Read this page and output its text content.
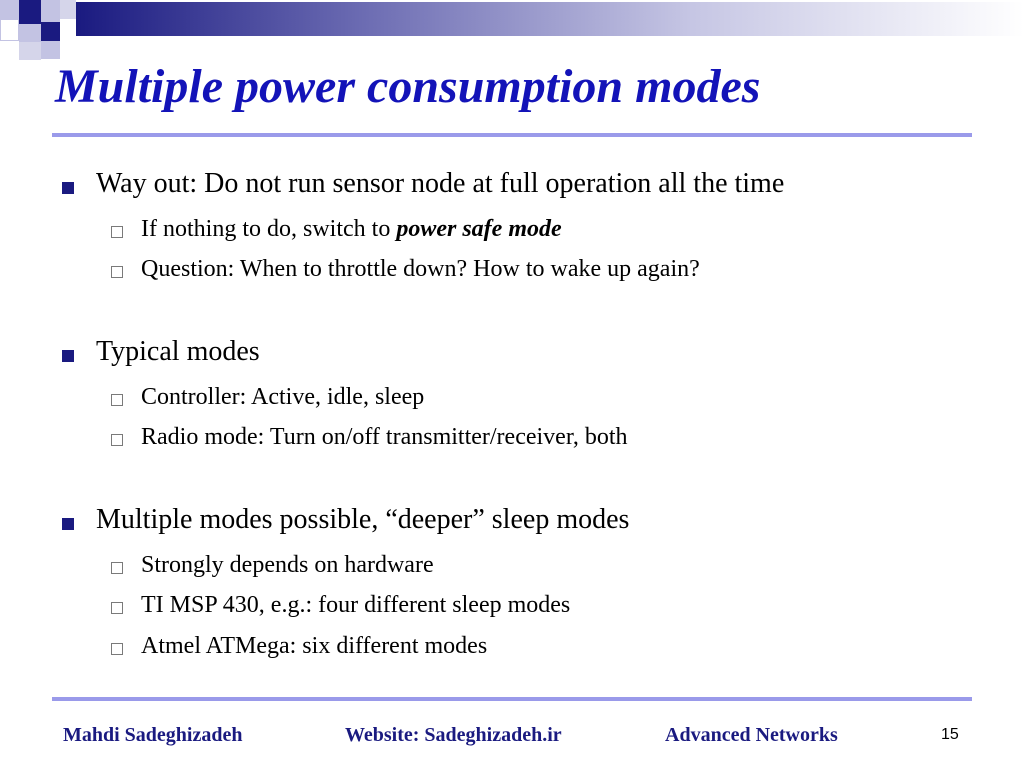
Multiple power consumption modes
Way out: Do not run sensor node at full operation all the time
If nothing to do, switch to power safe mode
Question: When to throttle down? How to wake up again?
Typical modes
Controller: Active, idle, sleep
Radio mode: Turn on/off transmitter/receiver, both
Multiple modes possible, “deeper” sleep modes
Strongly depends on hardware
TI MSP 430, e.g.: four different sleep modes
Atmel ATMega: six different modes
Mahdi Sadeghizadeh	Website: Sadeghizadeh.ir	Advanced Networks	15
